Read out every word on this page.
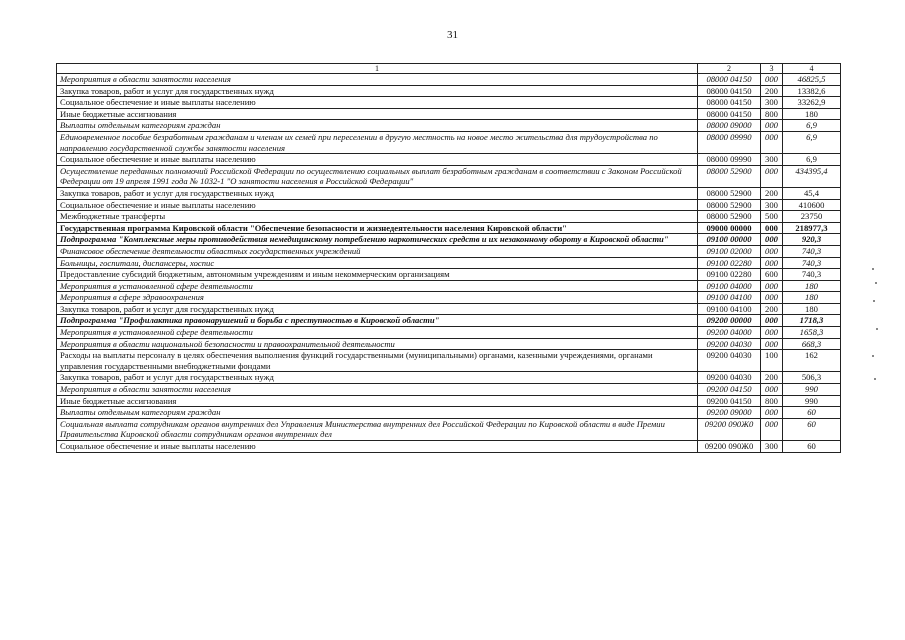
31
1	2	3	4
Мероприятия в области занятости населения	08000 04150	000	46825,5
Закупка товаров, работ и услуг для государственных нужд	08000 04150	200	13382,6
Социальное обеспечение и иные выплаты населению	08000 04150	300	33262,9
Иные бюджетные ассигнования	08000 04150	800	180
Выплаты отдельным категориям граждан	08000 09000	000	6,9
Единовременное пособие безработным гражданам и членам их семей при переселении в другую местность на новое место жительства для трудоустройства по направлению государственной службы занятости населения	08000 09990	000	6,9
Социальное обеспечение и иные выплаты населению	08000 09990	300	6,9
Осуществление переданных полномочий Российской Федерации по осуществлению социальных выплат безработным гражданам в соответствии с Законом Российской Федерации от 19 апреля 1991 года № 1032-1 "О занятости населения в Российской Федерации"	08000 52900	000	434395,4
Закупка товаров, работ и услуг для государственных нужд	08000 52900	200	45,4
Социальное обеспечение и иные выплаты населению	08000 52900	300	410600
Межбюджетные трансферты	08000 52900	500	23750
Государственная программа Кировской области "Обеспечение безопасности и жизнедеятельности населения Кировской области"	09000 00000	000	218977,3
Подпрограмма "Комплексные меры противодействия немедицинскому потреблению наркотических средств и их незаконному обороту в Кировской области"	09100 00000	000	920,3
Финансовое обеспечение деятельности областных государственных учреждений	09100 02000	000	740,3
Больницы, госпитали, диспансеры, хоспис	09100 02280	000	740,3
Предоставление субсидий бюджетным, автономным учреждениям и иным некоммерческим организациям	09100 02280	600	740,3
Мероприятия в установленной сфере деятельности	09100 04000	000	180
Мероприятия в сфере здравоохранения	09100 04100	000	180
Закупка товаров, работ и услуг для государственных нужд	09100 04100	200	180
Подпрограмма "Профилактика правонарушений и борьба с преступностью в Кировской области"	09200 00000	000	1718,3
Мероприятия в установленной сфере деятельности	09200 04000	000	1658,3
Мероприятия в области национальной безопасности и правоохранительной деятельности	09200 04030	000	668,3
Расходы на выплаты персоналу в целях обеспечения выполнения функций государственными (муниципальными) органами, казенными учреждениями, органами управления государственными внебюджетными фондами	09200 04030	100	162
Закупка товаров, работ и услуг для государственных нужд	09200 04030	200	506,3
Мероприятия в области занятости населения	09200 04150	000	990
Иные бюджетные ассигнования	09200 04150	800	990
Выплаты отдельным категориям граждан	09200 09000	000	60
Социальная выплата сотрудникам органов внутренних дел Управления Министерства внутренних дел Российской Федерации по Кировской области в виде Премии Правительства Кировской области сотрудникам органов внутренних дел	09200 090Ж0	000	60
Социальное обеспечение и иные выплаты населению	09200 090Ж0	300	60
